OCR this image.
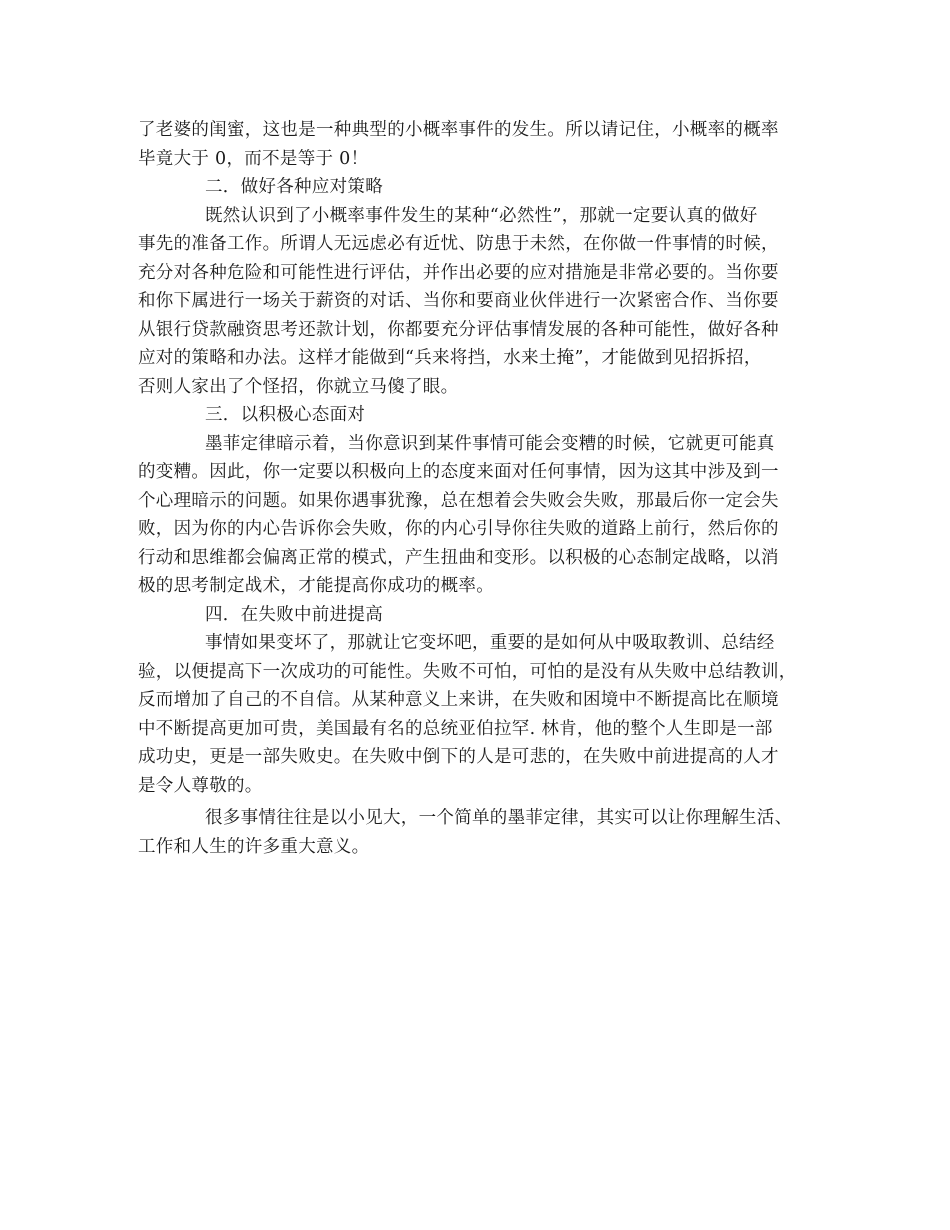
了老婆的闺蜜，这也是一种典型的小概率事件的发生。所以请记住，小概率的概率
毕竟大于 0，而不是等于 0！
二．做好各种应对策略
既然认识到了小概率事件发生的某种“必然性”，那就一定要认真的做好
事先的准备工作。所谓人无远虑必有近忧、防患于未然，在你做一件事情的时候，
充分对各种危险和可能性进行评估，并作出必要的应对措施是非常必要的。当你要
和你下属进行一场关于薪资的对话、当你和要商业伙伴进行一次紧密合作、当你要
从银行贷款融资思考还款计划，你都要充分评估事情发展的各种可能性，做好各种
应对的策略和办法。这样才能做到“兵来将挡，水来土掩”，才能做到见招拆招，
否则人家出了个怪招，你就立马傻了眼。
三．以积极心态面对
墨菲定律暗示着，当你意识到某件事情可能会变糟的时候，它就更可能真
的变糟。因此，你一定要以积极向上的态度来面对任何事情，因为这其中涉及到一
个心理暗示的问题。如果你遇事犹豫，总在想着会失败会失败，那最后你一定会失
败，因为你的内心告诉你会失败，你的内心引导你往失败的道路上前行，然后你的
行动和思维都会偏离正常的模式，产生扭曲和变形。以积极的心态制定战略，以消
极的思考制定战术，才能提高你成功的概率。
四．在失败中前进提高
事情如果变坏了，那就让它变坏吧，重要的是如何从中吸取教训、总结经
验，以便提高下一次成功的可能性。失败不可怕，可怕的是没有从失败中总结教训，
反而增加了自己的不自信。从某种意义上来讲，在失败和困境中不断提高比在顺境
中不断提高更加可贵，美国最有名的总统亚伯拉罕. 林肯，他的整个人生即是一部
成功史，更是一部失败史。在失败中倒下的人是可悲的，在失败中前进提高的人才
是令人尊敬的。
很多事情往往是以小见大，一个简单的墨菲定律，其实可以让你理解生活、
工作和人生的许多重大意义。
